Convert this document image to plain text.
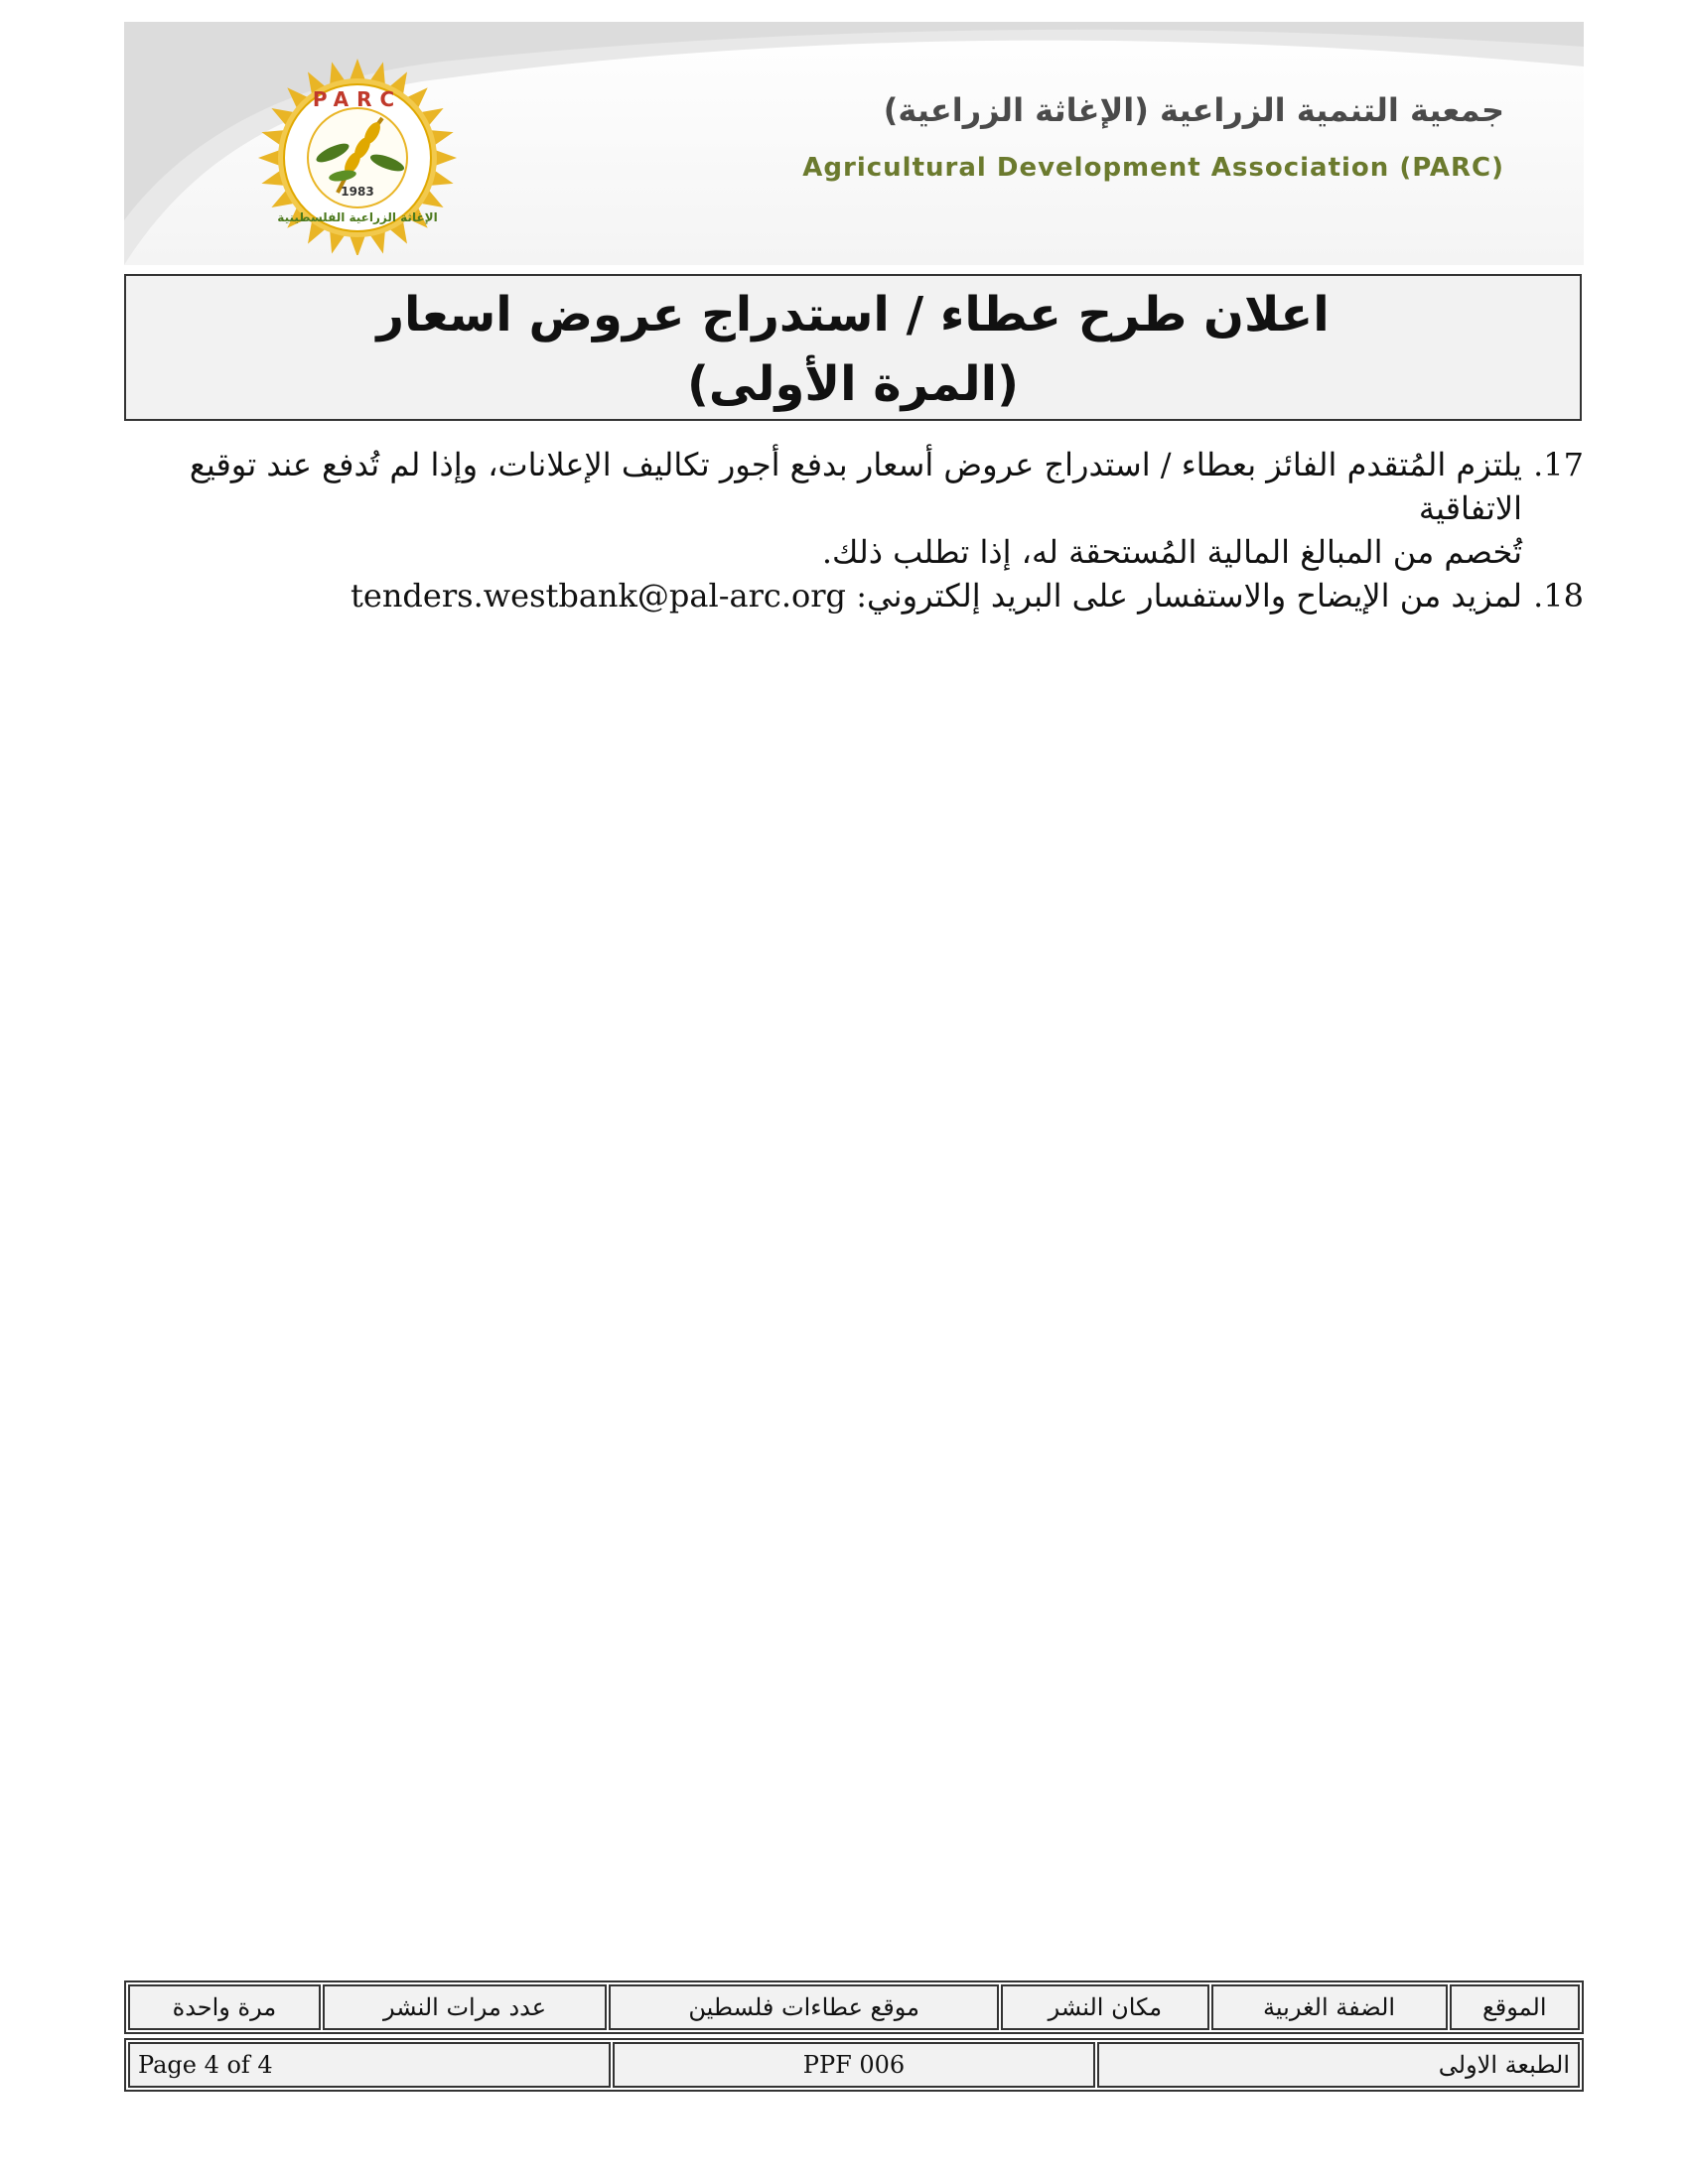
PARC
1983
الإغاثة الزراعية الفلسطينية
جمعية التنمية الزراعية (الإغاثة الزراعية)
Agricultural Development Association (PARC)
اعلان طرح عطاء / استدراج عروض اسعار
(المرة الأولى)
17.
يلتزم المُتقدم الفائز بعطاء / استدراج عروض أسعار بدفع أجور تكاليف الإعلانات، وإذا لم تُدفع عند توقيع الاتفاقية
تُخصم من المبالغ المالية المُستحقة له، إذا تطلب ذلك.
18.
لمزيد من الإيضاح والاستفسار على البريد إلكتروني: tenders.westbank@pal-arc.org
الموقع	الضفة الغربية	مكان النشر	موقع عطاءات فلسطين	عدد مرات النشر	مرة واحدة
الطبعة الاولى	PPF 006	Page 4 of 4
